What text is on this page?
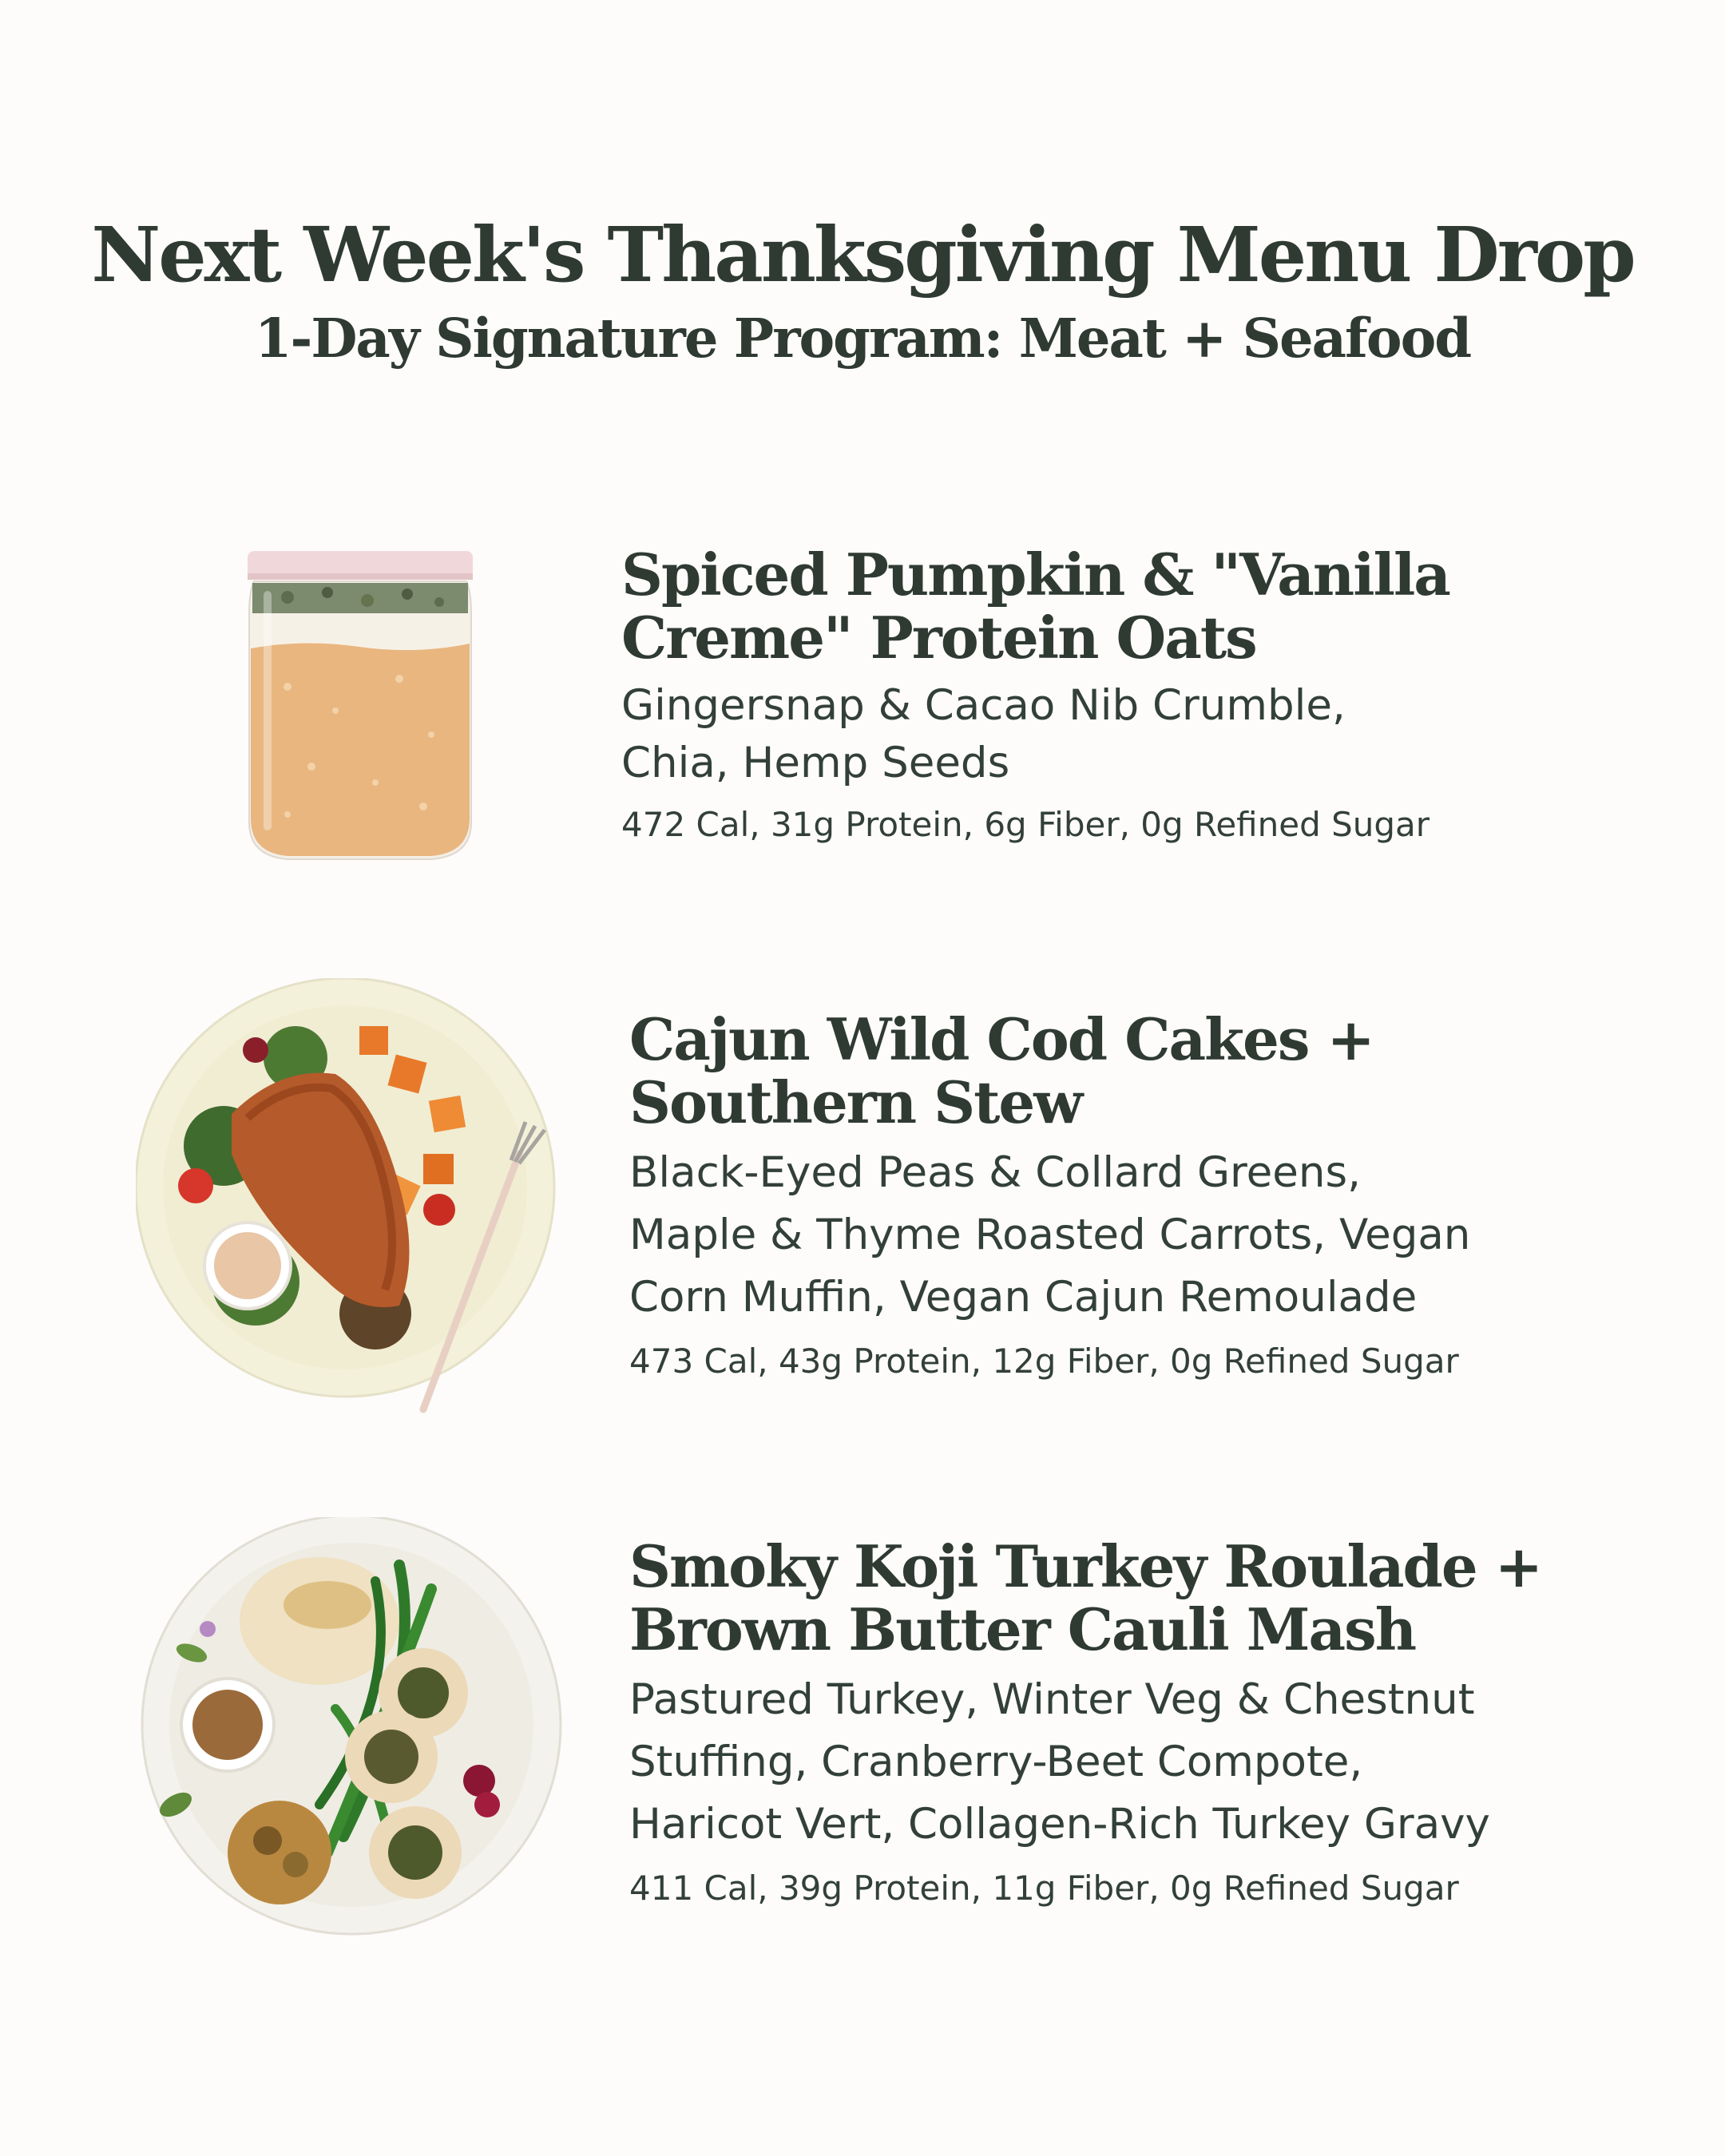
Next Week's Thanksgiving Menu Drop
1-Day Signature Program: Meat + Seafood

Spiced Pumpkin & "Vanilla
Creme" Protein Oats

Gingersnap & Cacao Nib Crumble,
Chia, Hemp Seeds

472 Cal, 31g Protein, 6g Fiber, 0g Refined Sugar

Cajun Wild Cod Cakes +
Southern Stew

Black-Eyed Peas & Collard Greens,
Maple & Thyme Roasted Carrots, Vegan
Corn Muffin, Vegan Cajun Remoulade

473 Cal, 43g Protein, 12g Fiber, 0g Refined Sugar

Smoky Koji Turkey Roulade +
Brown Butter Cauli Mash

Pastured Turkey, Winter Veg & Chestnut
Stuffing, Cranberry-Beet Compote,
Haricot Vert, Collagen-Rich Turkey Gravy

411 Cal, 39g Protein, 11g Fiber, 0g Refined Sugar
